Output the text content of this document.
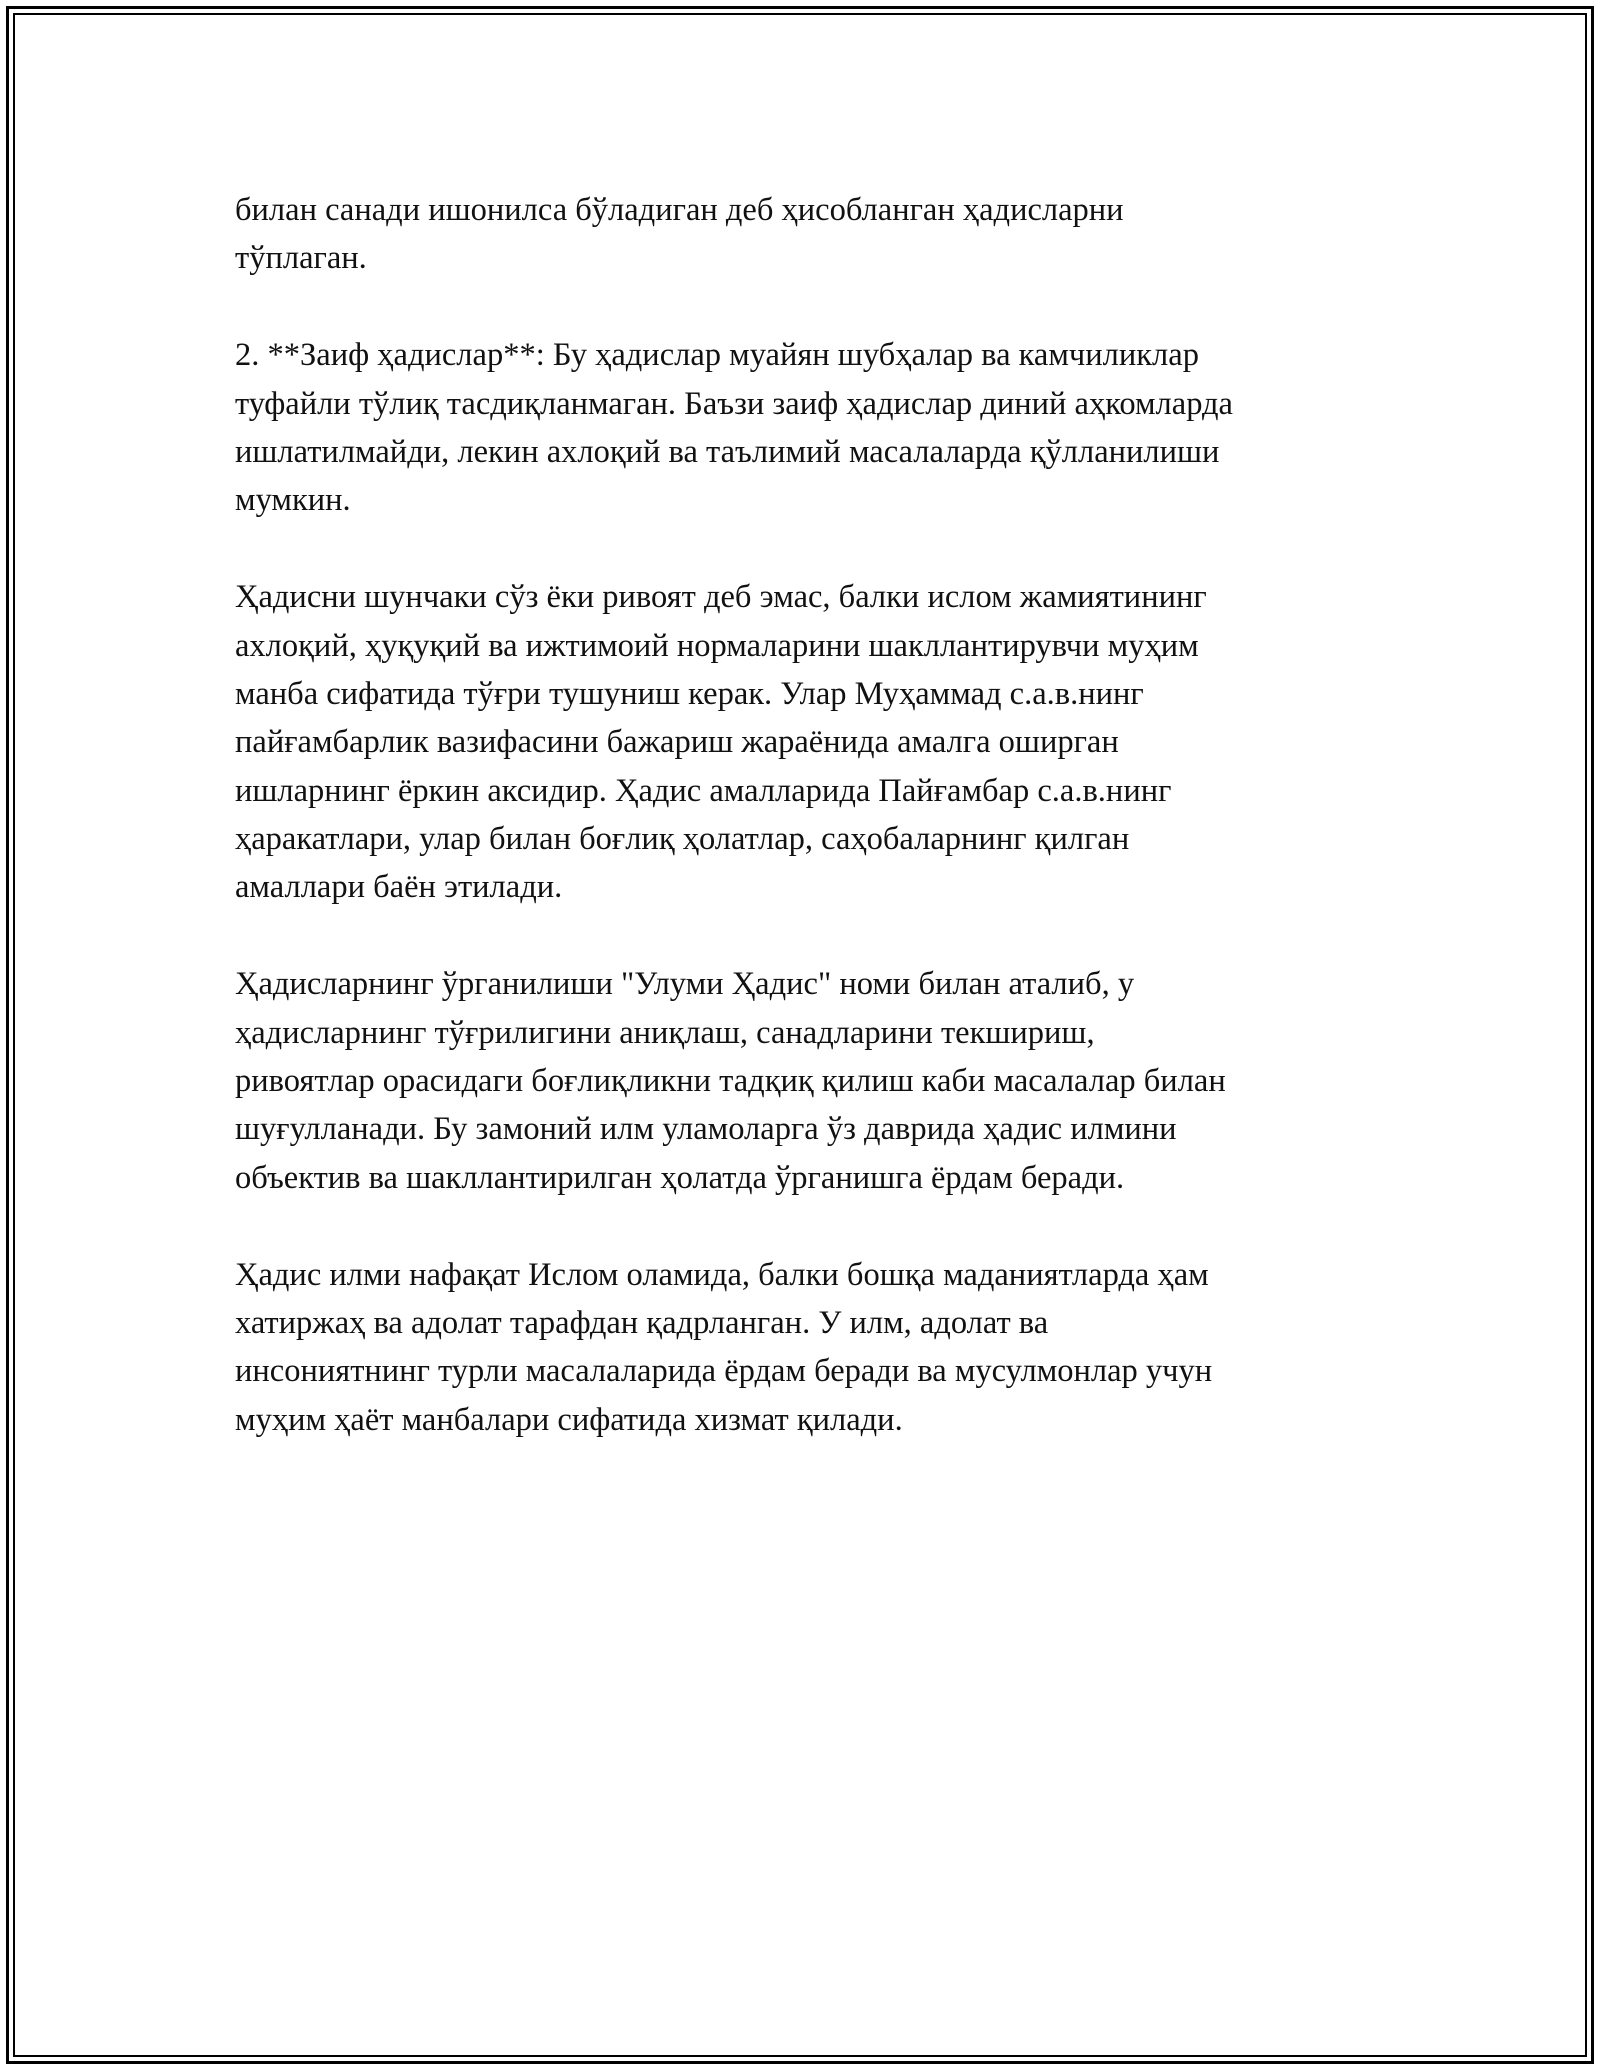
билан санади ишонилса бўладиган деб ҳисобланган ҳадисларни
тўплаган.
2. **Заиф ҳадислар**: Бу ҳадислар муайян шубҳалар ва камчиликлар
туфайли тўлиқ тасдиқланмаган. Баъзи заиф ҳадислар диний аҳкомларда
ишлатилмайди, лекин ахлоқий ва таълимий масалаларда қўлланилиши
мумкин.
Ҳадисни шунчаки сўз ёки ривоят деб эмас, балки ислом жамиятининг
ахлоқий, ҳуқуқий ва ижтимоий нормаларини шакллантирувчи муҳим
манба сифатида тўғри тушуниш керак. Улар Муҳаммад с.а.в.нинг
пайғамбарлик вазифасини бажариш жараёнида амалга оширган
ишларнинг ёркин аксидир. Ҳадис амалларида Пайғамбар с.а.в.нинг
ҳаракатлари, улар билан боғлиқ ҳолатлар, саҳобаларнинг қилган
амаллари баён этилади.
Ҳадисларнинг ўрганилиши "Улуми Ҳадис" номи билан аталиб, у
ҳадисларнинг тўғрилигини аниқлаш, санадларини текшириш,
ривоятлар орасидаги боғлиқликни тадқиқ қилиш каби масалалар билан
шуғулланади. Бу замоний илм уламоларга ўз даврида ҳадис илмини
объектив ва шакллантирилган ҳолатда ўрганишга ёрдам беради.
Ҳадис илми нафақат Ислом оламида, балки бошқа маданиятларда ҳам
хатиржаҳ ва адолат тарафдан қадрланган. У илм, адолат ва
инсониятнинг турли масалаларида ёрдам беради ва мусулмонлар учун
муҳим ҳаёт манбалари сифатида хизмат қилади.
